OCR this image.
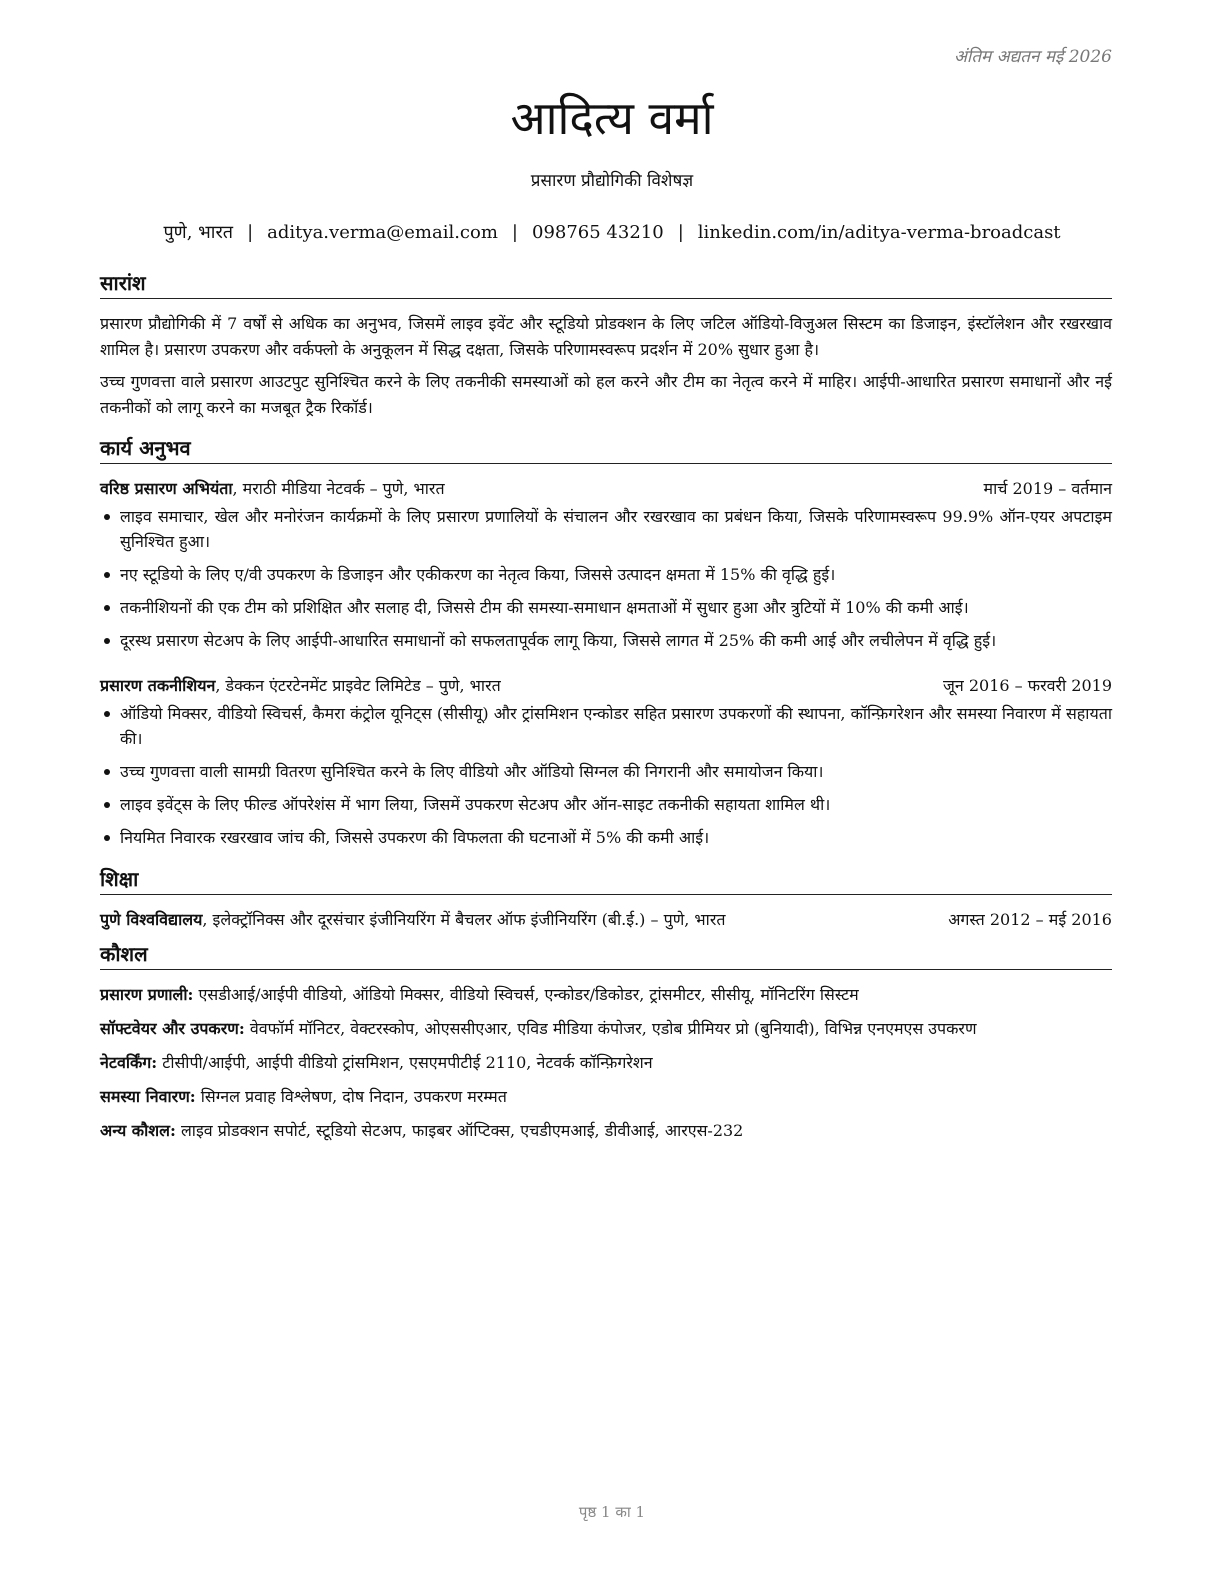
अंतिम अद्यतन मई 2026
आदित्य वर्मा
प्रसारण प्रौद्योगिकी विशेषज्ञ
पुणे, भारत | aditya.verma@email.com | 098765 43210 | linkedin.com/in/aditya-verma-broadcast
सारांश

प्रसारण प्रौद्योगिकी में 7 वर्षों से अधिक का अनुभव, जिसमें लाइव इवेंट और स्टूडियो प्रोडक्शन के लिए जटिल ऑडियो-विजुअल सिस्टम का डिजाइन, इंस्टॉलेशन और रखरखाव शामिल है। प्रसारण उपकरण और वर्कफ्लो के अनुकूलन में सिद्ध दक्षता, जिसके परिणामस्वरूप प्रदर्शन में 20% सुधार हुआ है।

उच्च गुणवत्ता वाले प्रसारण आउटपुट सुनिश्चित करने के लिए तकनीकी समस्याओं को हल करने और टीम का नेतृत्व करने में माहिर। आईपी-आधारित प्रसारण समाधानों और नई तकनीकों को लागू करने का मजबूत ट्रैक रिकॉर्ड।

कार्य अनुभव
वरिष्ठ प्रसारण अभियंता, मराठी मीडिया नेटवर्क – पुणे, भारत	मार्च 2019 – वर्तमान
लाइव समाचार, खेल और मनोरंजन कार्यक्रमों के लिए प्रसारण प्रणालियों के संचालन और रखरखाव का प्रबंधन किया, जिसके परिणामस्वरूप 99.9% ऑन-एयर अपटाइम सुनिश्चित हुआ।
नए स्टूडियो के लिए ए/वी उपकरण के डिजाइन और एकीकरण का नेतृत्व किया, जिससे उत्पादन क्षमता में 15% की वृद्धि हुई।
तकनीशियनों की एक टीम को प्रशिक्षित और सलाह दी, जिससे टीम की समस्या-समाधान क्षमताओं में सुधार हुआ और त्रुटियों में 10% की कमी आई।
दूरस्थ प्रसारण सेटअप के लिए आईपी-आधारित समाधानों को सफलतापूर्वक लागू किया, जिससे लागत में 25% की कमी आई और लचीलेपन में वृद्धि हुई।
प्रसारण तकनीशियन, डेक्कन एंटरटेनमेंट प्राइवेट लिमिटेड – पुणे, भारत	जून 2016 – फरवरी 2019
ऑडियो मिक्सर, वीडियो स्विचर्स, कैमरा कंट्रोल यूनिट्स (सीसीयू) और ट्रांसमिशन एन्कोडर सहित प्रसारण उपकरणों की स्थापना, कॉन्फ़िगरेशन और समस्या निवारण में सहायता की।
उच्च गुणवत्ता वाली सामग्री वितरण सुनिश्चित करने के लिए वीडियो और ऑडियो सिग्नल की निगरानी और समायोजन किया।
लाइव इवेंट्स के लिए फील्ड ऑपरेशंस में भाग लिया, जिसमें उपकरण सेटअप और ऑन-साइट तकनीकी सहायता शामिल थी।
नियमित निवारक रखरखाव जांच की, जिससे उपकरण की विफलता की घटनाओं में 5% की कमी आई।
शिक्षा
पुणे विश्वविद्यालय, इलेक्ट्रॉनिक्स और दूरसंचार इंजीनियरिंग में बैचलर ऑफ इंजीनियरिंग (बी.ई.) – पुणे, भारत	अगस्त 2012 – मई 2016
कौशल
प्रसारण प्रणाली: एसडीआई/आईपी वीडियो, ऑडियो मिक्सर, वीडियो स्विचर्स, एन्कोडर/डिकोडर, ट्रांसमीटर, सीसीयू, मॉनिटरिंग सिस्टम
सॉफ्टवेयर और उपकरण: वेवफॉर्म मॉनिटर, वेक्टरस्कोप, ओएससीएआर, एविड मीडिया कंपोजर, एडोब प्रीमियर प्रो (बुनियादी), विभिन्न एनएमएस उपकरण
नेटवर्किंग: टीसीपी/आईपी, आईपी वीडियो ट्रांसमिशन, एसएमपीटीई 2110, नेटवर्क कॉन्फ़िगरेशन
समस्या निवारण: सिग्नल प्रवाह विश्लेषण, दोष निदान, उपकरण मरम्मत
अन्य कौशल: लाइव प्रोडक्शन सपोर्ट, स्टूडियो सेटअप, फाइबर ऑप्टिक्स, एचडीएमआई, डीवीआई, आरएस-232
पृष्ठ 1 का 1
